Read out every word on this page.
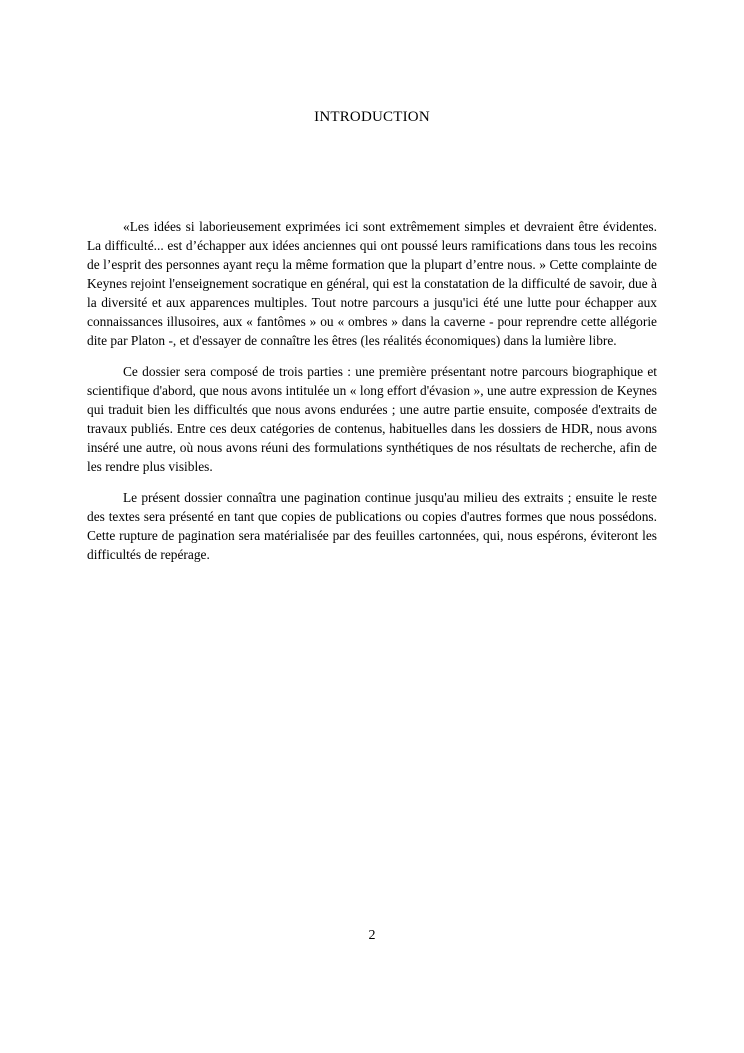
INTRODUCTION

«Les idées si laborieusement exprimées ici sont extrêmement simples et devraient être évidentes. La difficulté... est d’échapper aux idées anciennes qui ont poussé leurs ramifications dans tous les recoins de l’esprit des personnes ayant reçu la même formation que la plupart d’entre nous. » Cette complainte de Keynes rejoint l'enseignement socratique en général, qui est la constatation de la difficulté de savoir, due à la diversité et aux apparences multiples. Tout notre parcours a jusqu'ici été une lutte pour échapper aux connaissances illusoires, aux « fantômes » ou « ombres » dans la caverne - pour reprendre cette allégorie dite par Platon -, et d'essayer de connaître les êtres (les réalités économiques) dans la lumière libre.

Ce dossier sera composé de trois parties : une première présentant notre parcours biographique et scientifique d'abord, que nous avons intitulée un « long effort d'évasion », une autre expression de Keynes qui traduit bien les difficultés que nous avons endurées ; une autre partie ensuite, composée d'extraits de travaux publiés. Entre ces deux catégories de contenus, habituelles dans les dossiers de HDR, nous avons inséré une autre, où nous avons réuni des formulations synthétiques de nos résultats de recherche, afin de les rendre plus visibles.

Le présent dossier connaîtra une pagination continue jusqu'au milieu des extraits ; ensuite le reste des textes sera présenté en tant que copies de publications ou copies d'autres formes que nous possédons. Cette rupture de pagination sera matérialisée par des feuilles cartonnées, qui, nous espérons, éviteront les difficultés de repérage.

2
